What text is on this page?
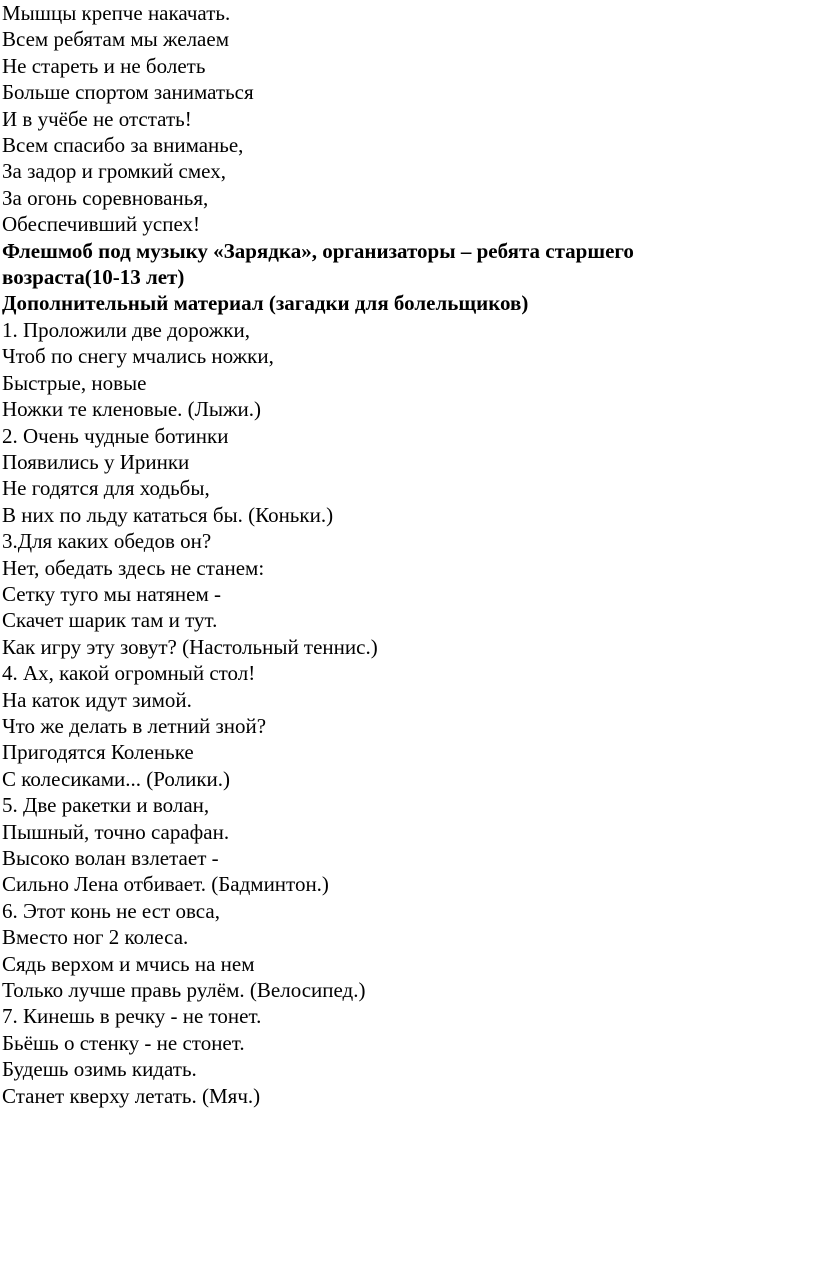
Мышцы крепче накачать.
Всем ребятам мы желаем
Не стареть и не болеть
Больше спортом заниматься
И в учёбе не отстать!
Всем спасибо за вниманье,
За задор и громкий смех,
За огонь соревнованья,
Обеспечивший успех!
Флешмоб под музыку «Зарядка», организаторы – ребята старшего
возраста(10-13 лет)
Дополнительный материал (загадки для болельщиков)
1. Проложили две дорожки,
Чтоб по снегу мчались ножки,
Быстрые, новые
Ножки те кленовые. (Лыжи.)
2. Очень чудные ботинки
Появились у Иринки
Не годятся для ходьбы,
В них по льду кататься бы. (Коньки.)
3.Для каких обедов он?
Нет, обедать здесь не станем:
Сетку туго мы натянем -
Скачет шарик там и тут.
Как игру эту зовут? (Настольный теннис.)
4. Ах, какой огромный стол!
На каток идут зимой.
Что же делать в летний зной?
Пригодятся Коленьке
С колесиками... (Ролики.)
5. Две ракетки и волан,
Пышный, точно сарафан.
Высоко волан взлетает -
Сильно Лена отбивает. (Бадминтон.)
6. Этот конь не ест овса,
Вместо ног 2 колеса.
Сядь верхом и мчись на нем
Только лучше правь рулём. (Велосипед.)
7. Кинешь в речку - не тонет.
Бьёшь о стенку - не стонет.
Будешь озимь кидать.
Станет кверху летать. (Мяч.)
